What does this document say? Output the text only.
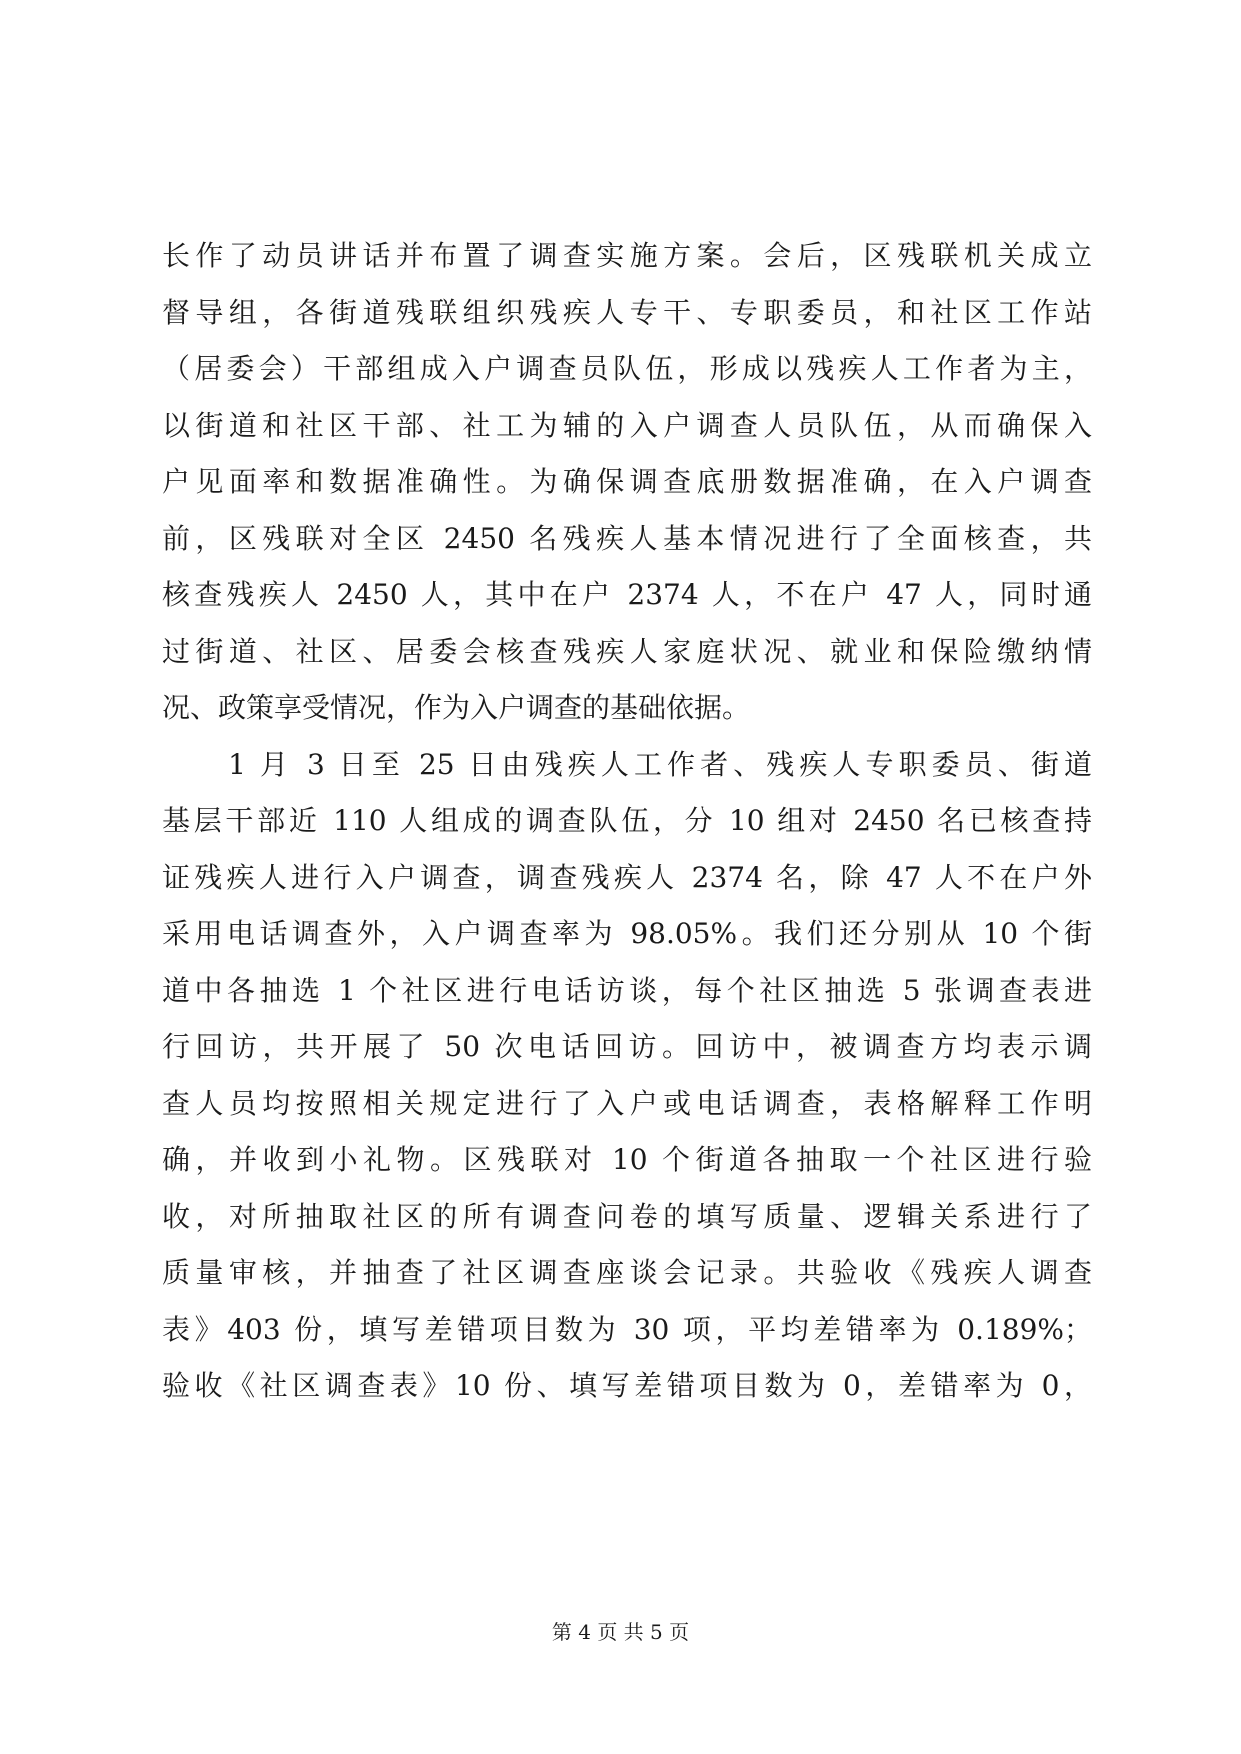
长作了动员讲话并布置了调查实施方案。会后，区残联机关成立
督导组，各街道残联组织残疾人专干、专职委员，和社区工作站
（居委会）干部组成入户调查员队伍，形成以残疾人工作者为主，
以街道和社区干部、社工为辅的入户调查人员队伍，从而确保入
户见面率和数据准确性。为确保调查底册数据准确，在入户调查
前，区残联对全区 2450 名残疾人基本情况进行了全面核查，共
核查残疾人 2450 人，其中在户 2374 人，不在户 47 人，同时通
过街道、社区、居委会核查残疾人家庭状况、就业和保险缴纳情
况、政策享受情况，作为入户调查的基础依据。
　　1 月 3 日至 25 日由残疾人工作者、残疾人专职委员、街道
基层干部近 110 人组成的调查队伍，分 10 组对 2450 名已核查持
证残疾人进行入户调查，调查残疾人 2374 名，除 47 人不在户外
采用电话调查外，入户调查率为 98.05%。我们还分别从 10 个街
道中各抽选 1 个社区进行电话访谈，每个社区抽选 5 张调查表进
行回访，共开展了 50 次电话回访。回访中，被调查方均表示调
查人员均按照相关规定进行了入户或电话调查，表格解释工作明
确，并收到小礼物。区残联对 10 个街道各抽取一个社区进行验
收，对所抽取社区的所有调查问卷的填写质量、逻辑关系进行了
质量审核，并抽查了社区调查座谈会记录。共验收《残疾人调查
表》403 份，填写差错项目数为 30 项，平均差错率为 0.189%；
验收《社区调查表》10 份、填写差错项目数为 0，差错率为 0，
第 4 页 共 5 页
